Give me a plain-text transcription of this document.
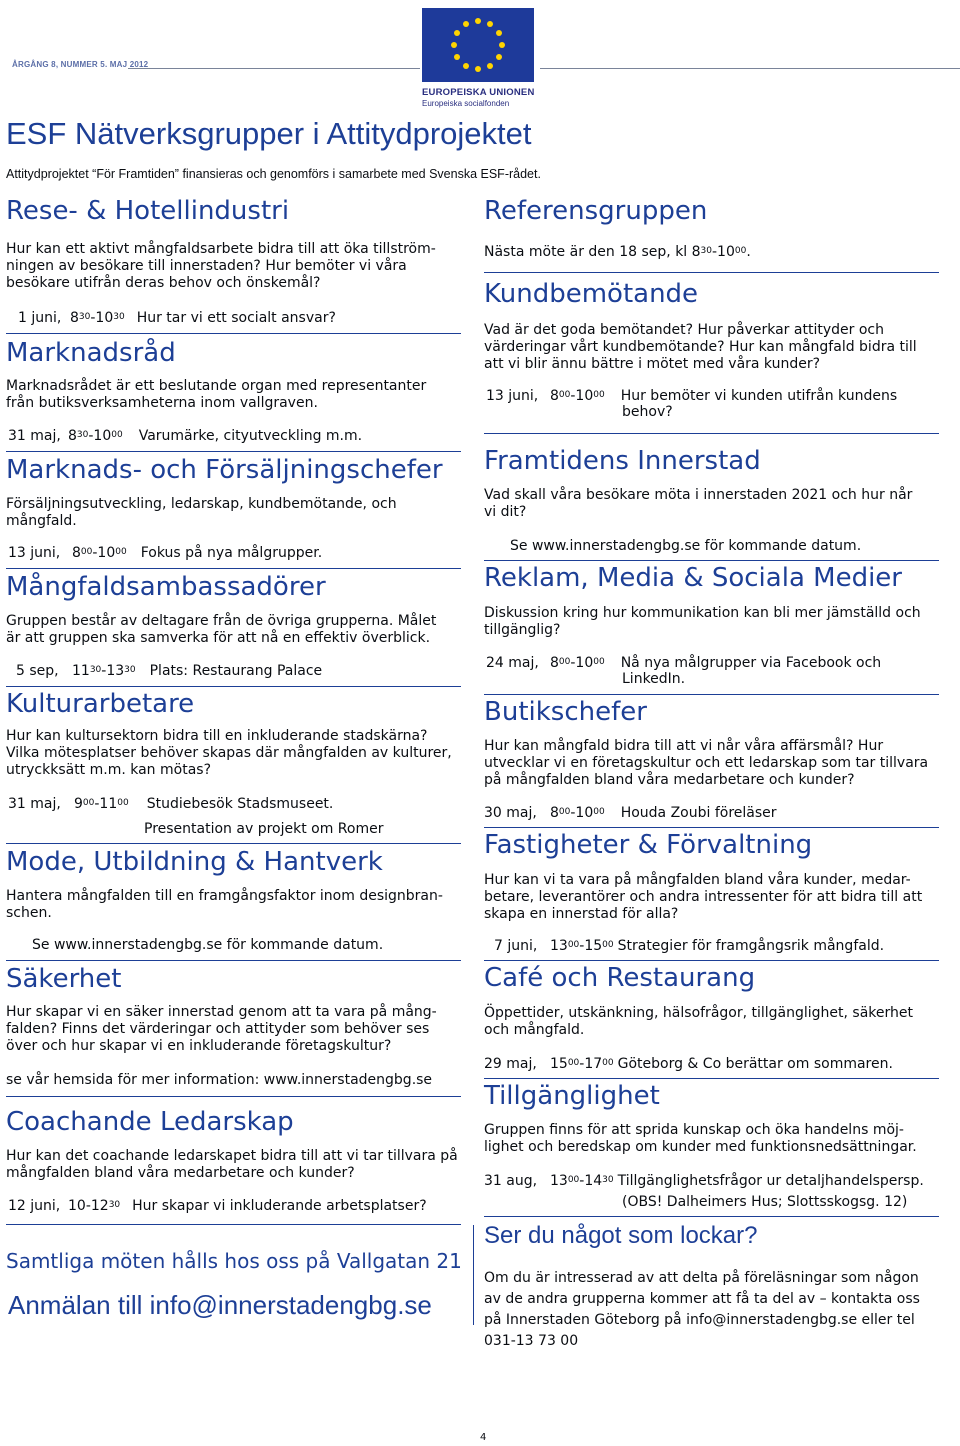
ÅRGÅNG 8, NUMMER 5. MAJ 2012
EUROPEISKA UNIONEN
Europeiska socialfonden
ESF Nätverksgrupper i Attitydprojektet
Attitydprojektet “För Framtiden” finansieras och genomförs i samarbete med Svenska ESF-rådet.
Rese- & Hotellindustri
Hur kan ett aktivt mångfaldsarbete bidra till att öka tillström-
ningen av besökare till innerstaden? Hur bemöter vi våra
besökare utifrån deras behov och önskemål?
1 juni, $8^{30}-10^{30}$ Hur tar vi ett socialt ansvar?
Marknadsråd
Marknadsrådet är ett beslutande organ med representanter
från butiksverksamheterna inom vallgraven.
31 maj, $8^{30}-10^{00}$ Varumärke, cityutveckling m.m.
Marknads- och Försäljningschefer
Försäljningsutveckling, ledarskap, kundbemötande, och
mångfald.
13 juni, $8^{00}-10^{00}$ Fokus på nya målgrupper.
Mångfaldsambassadörer
Gruppen består av deltagare från de övriga grupperna. Målet
är att gruppen ska samverka för att nå en effektiv överblick.
5 sep, $11^{30}-13^{30}$ Plats: Restaurang Palace
Kulturarbetare
Hur kan kultursektorn bidra till en inkluderande stadskärna?
Vilka mötesplatser behöver skapas där mångfalden av kulturer,
utryckksätt m.m. kan mötas?
31 maj, $9^{00}-11^{00}$ Studiebesök Stadsmuseet.
Presentation av projekt om Romer
Mode, Utbildning & Hantverk
Hantera mångfalden till en framgångsfaktor inom designbran-
schen.
Se www.innerstadengbg.se för kommande datum.
Säkerhet
Hur skapar vi en säker innerstad genom att ta vara på mång-
falden? Finns det värderingar och attityder som behöver ses
över och hur skapar vi en inkluderande företagskultur?
se vår hemsida för mer information: www.innerstadengbg.se
Coachande Ledarskap
Hur kan det coachande ledarskapet bidra till att vi tar tillvara på
mångfalden bland våra medarbetare och kunder?
12 juni, $10-12^{30}$ Hur skapar vi inkluderande arbetsplatser?
Samtliga möten hålls hos oss på Vallgatan 21
Anmälan till info@innerstadengbg.se
Referensgruppen
Nästa möte är den 18 sep, kl $8^{30}-10^{00}$.
Kundbemötande
Vad är det goda bemötandet? Hur påverkar attityder och
värderingar vårt kundbemötande? Hur kan mångfald bidra till
att vi blir ännu bättre i mötet med våra kunder?
13 juni, $8^{00}-10^{00}$ Hur bemöter vi kunden utifrån kundens
behov?
Framtidens Innerstad
Vad skall våra besökare möta i innerstaden 2021 och hur når
vi dit?
Se www.innerstadengbg.se för kommande datum.
Reklam, Media & Sociala Medier
Diskussion kring hur kommunikation kan bli mer jämställd och
tillgänglig?
24 maj, $8^{00}-10^{00}$ Nå nya målgrupper via Facebook och
LinkedIn.
Butikschefer
Hur kan mångfald bidra till att vi når våra affärsmål? Hur
utvecklar vi en företagskultur och ett ledarskap som tar tillvara
på mångfalden bland våra medarbetare och kunder?
30 maj, $8^{00}-10^{00}$ Houda Zoubi föreläser
Fastigheter & Förvaltning
Hur kan vi ta vara på mångfalden bland våra kunder, medar-
betare, leverantörer och andra intressenter för att bidra till att
skapa en innerstad för alla?
7 juni, $13^{00}-15^{00}$ Strategier för framgångsrik mångfald.
Café och Restaurang
Öppettider, utskänkning, hälsofrågor, tillgänglighet, säkerhet
och mångfald.
29 maj, $15^{00}-17^{00}$ Göteborg & Co berättar om sommaren.
Tillgänglighet
Gruppen finns för att sprida kunskap och öka handelns möj-
lighet och beredskap om kunder med funktionsnedsättningar.
31 aug, $13^{00}-14^{30}$ Tillgänglighetsfrågor ur detaljhandelspersp.
(OBS! Dalheimers Hus; Slottsskogsg. 12)
Ser du något som lockar?
Om du är intresserad av att delta på föreläsningar som någon
av de andra grupperna kommer att få ta del av – kontakta oss
på Innerstaden Göteborg på info@innerstadengbg.se eller tel
031-13 73 00
4
